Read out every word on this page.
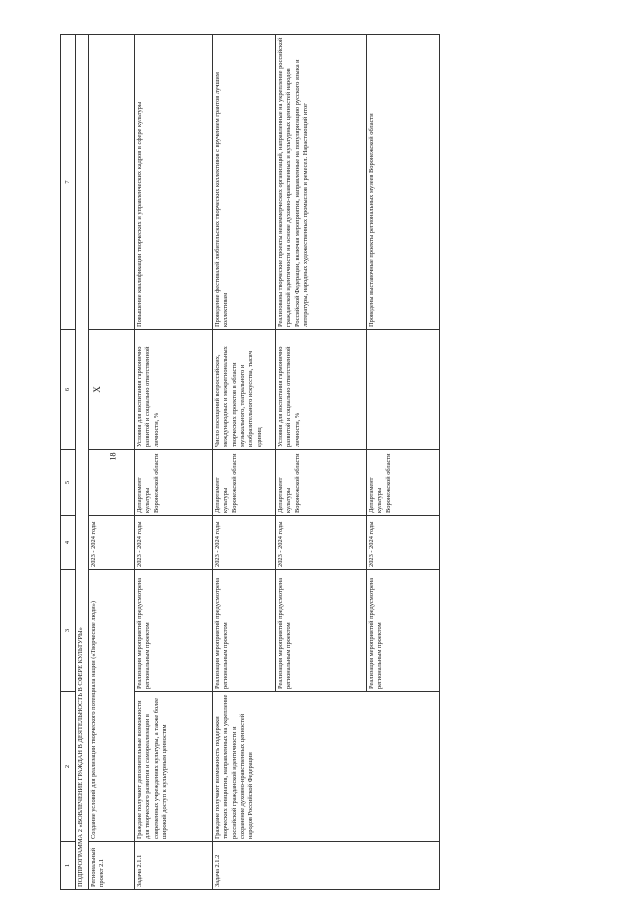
18
1	2	3	4	5	6	7
ПОДПРОГРАММА 2 «ВОВЛЕЧЕНИЕ ГРАЖДАН В ДЕЯТЕЛЬНОСТЬ В СФЕРЕ КУЛЬТУРЫ»						
Региональный проект 2.1	Создание условий для реализации творческого потенциала нации («Творческие люди»)		2023 - 2024 годы		X	
Задача 2.1.1	Граждане получают дополнительные возможности для творческого развития и самореализации в современных учреждениях культуры, а также более широкий доступ к культурным ценностям	Реализация мероприятий предусмотрена региональным проектом	2023 - 2024 годы	Департамент культуры Воронежской области	Условия для воспитания гармонично развитой и социально ответственной личности, %	Повышение квалификации творческих и управленческих кадров в сфере культуры
Задача 2.1.2	Граждане получают возможность поддержки творческих инициатив, направленных на укрепление российской гражданской идентичности и сохранение духовно-нравственных ценностей народов Российской Федерации	Реализация мероприятий предусмотрена региональным проектом	2023 - 2024 годы	Департамент культуры Воронежской области	Число посещений всероссийских, международных и межрегиональных творческих проектов в области музыкального, театрального и изобразительного искусства, тысяч единиц	Проведение фестивалей любительских творческих коллективов с вручением грантов лучшим коллективам
		Реализация мероприятий предусмотрена региональным проектом	2023 - 2024 годы	Департамент культуры Воронежской области	Условия для воспитания гармонично развитой и социально ответственной личности, %	Реализованы творческие проекты некоммерческих организаций, направленные на укрепление российской гражданской идентичности на основе духовно-нравственных и культурных ценностей народов Российской Федерации, включая мероприятия, направленные на популяризацию русского языка и литературы, народных художественных промыслов и ремесел. Нарастающий итог
		Реализация мероприятий предусмотрена региональным проектом	2023 - 2024 годы	Департамент культуры Воронежской области		Проведены выставочные проекты региональных музеев Воронежской области
